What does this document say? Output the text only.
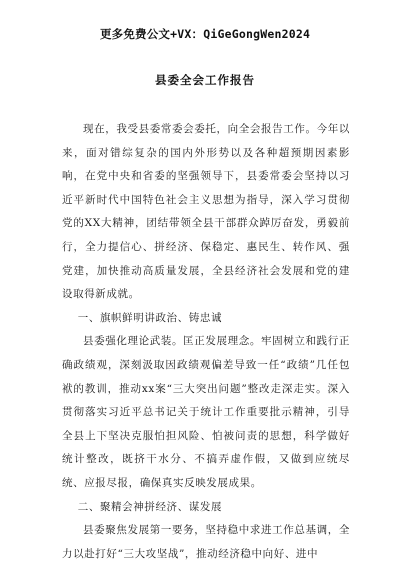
更多免费公文+VX：QiGeGongWen2024
县委全会工作报告

现在，我受县委常委会委托，向全会报告工作。今年以来，面对错综复杂的国内外形势以及各种超预期因素影响，在党中央和省委的坚强领导下，县委常委会坚持以习近平新时代中国特色社会主义思想为指导，深入学习贯彻党的XX大精神，团结带领全县干部群众踔厉奋发，勇毅前行，全力提信心、拼经济、保稳定、惠民生、转作风、强党建，加快推动高质量发展，全县经济社会发展和党的建设取得新成就。

一、旗帜鲜明讲政治、铸忠诚

县委强化理论武装。匡正发展理念。牢固树立和践行正确政绩观，深刻汲取因政绩观偏差导致一任“政绩”几任包袱的教训，推动xx案“三大突出问题”整改走深走实。深入贯彻落实习近平总书记关于统计工作重要批示精神，引导全县上下坚决克服怕担风险、怕被问责的思想，科学做好统计整改，既挤干水分、不搞弄虚作假，又做到应统尽统、应报尽报，确保真实反映发展成果。

二、聚精会神拼经济、谋发展

县委聚焦发展第一要务，坚持稳中求进工作总基调，全力以赴打好“三大攻坚战”，推动经济稳中向好、进中
